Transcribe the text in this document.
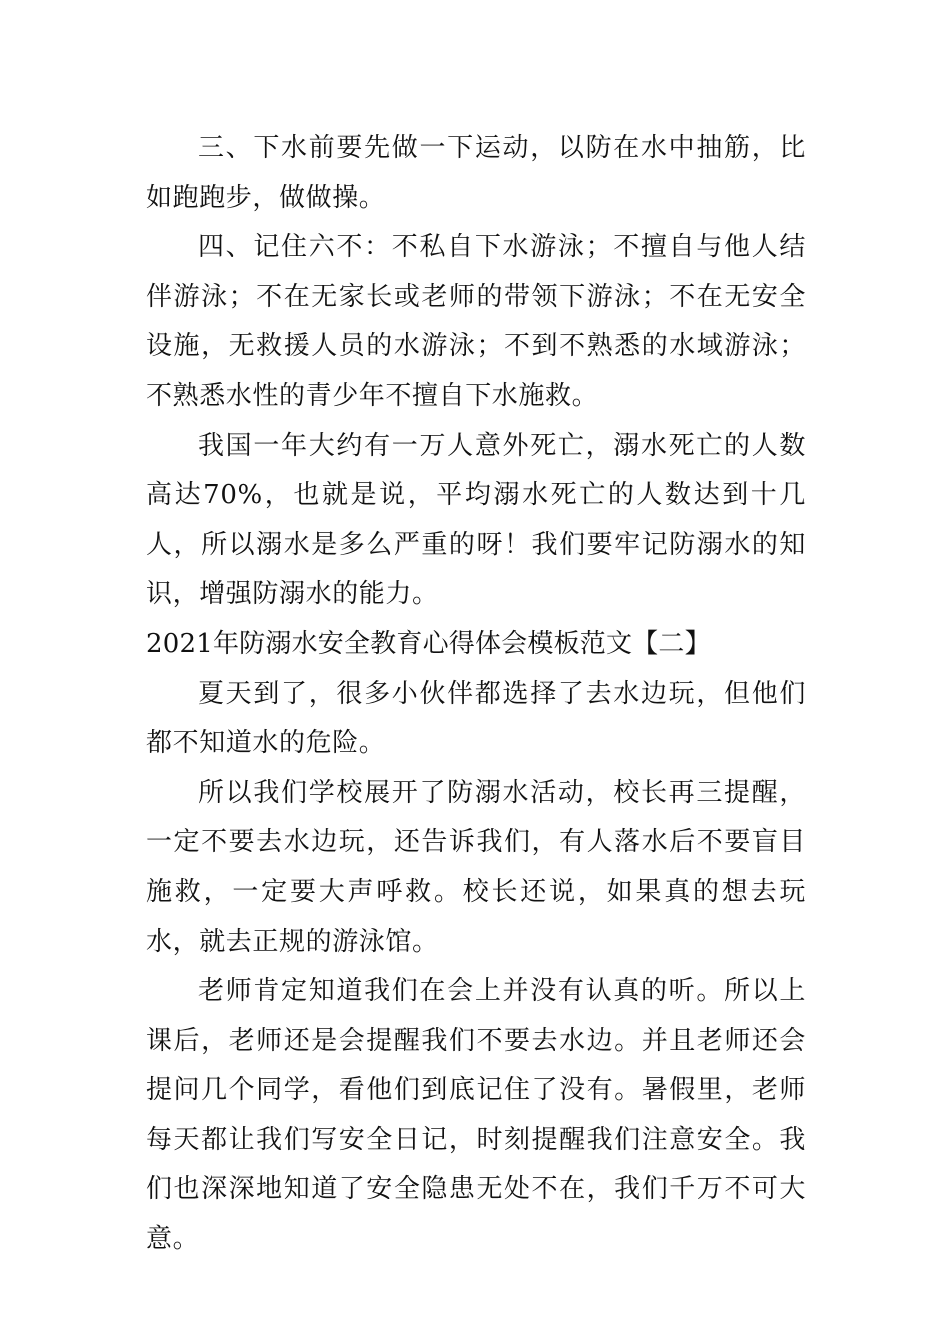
三、下水前要先做一下运动，以防在水中抽筋，比如跑跑步，做做操。

四、记住六不：不私自下水游泳；不擅自与他人结伴游泳；不在无家长或老师的带领下游泳；不在无安全设施，无救援人员的水游泳；不到不熟悉的水域游泳；不熟悉水性的青少年不擅自下水施救。

我国一年大约有一万人意外死亡，溺水死亡的人数高达70%，也就是说，平均溺水死亡的人数达到十几人，所以溺水是多么严重的呀！我们要牢记防溺水的知识，增强防溺水的能力。

2021年防溺水安全教育心得体会模板范文【二】

夏天到了，很多小伙伴都选择了去水边玩，但他们都不知道水的危险。

所以我们学校展开了防溺水活动，校长再三提醒，一定不要去水边玩，还告诉我们，有人落水后不要盲目施救，一定要大声呼救。校长还说，如果真的想去玩水，就去正规的游泳馆。

老师肯定知道我们在会上并没有认真的听。所以上课后，老师还是会提醒我们不要去水边。并且老师还会提问几个同学，看他们到底记住了没有。暑假里，老师每天都让我们写安全日记，时刻提醒我们注意安全。我们也深深地知道了安全隐患无处不在，我们千万不可大意。
